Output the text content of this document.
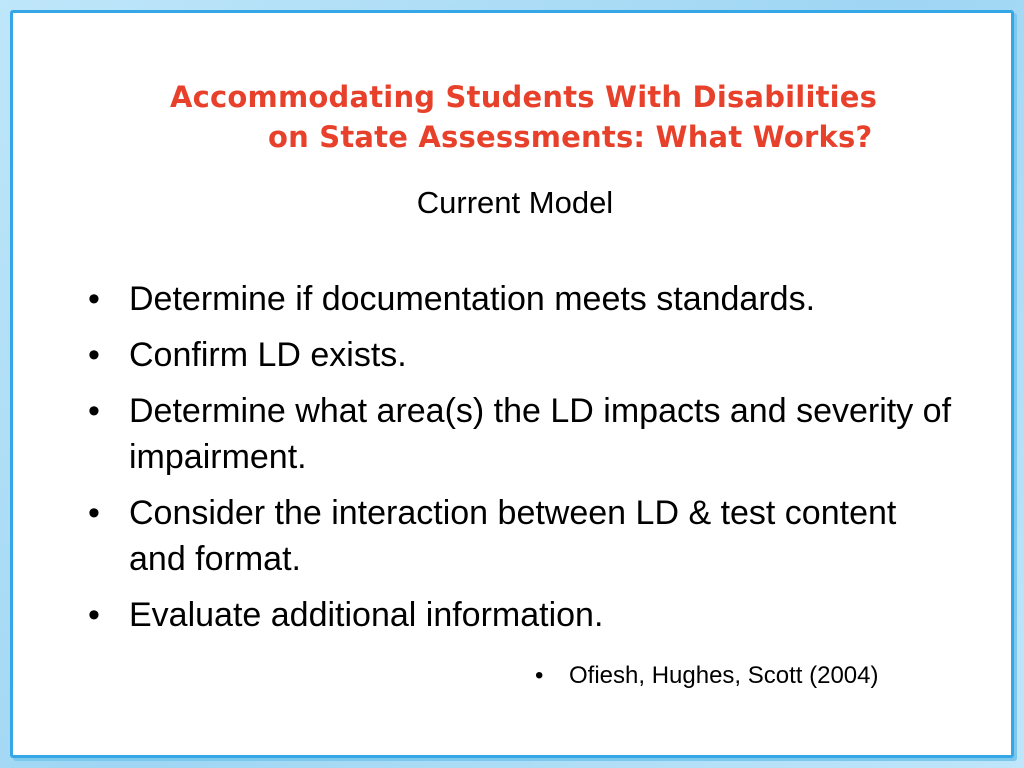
Accommodating Students With Disabilities
on State Assessments: What Works?

Current Model

• Determine if documentation meets standards.
• Confirm LD exists.
• Determine what area(s) the LD impacts and severity of impairment.
• Consider the interaction between LD & test content and format.
• Evaluate additional information.
• Ofiesh, Hughes, Scott (2004)
